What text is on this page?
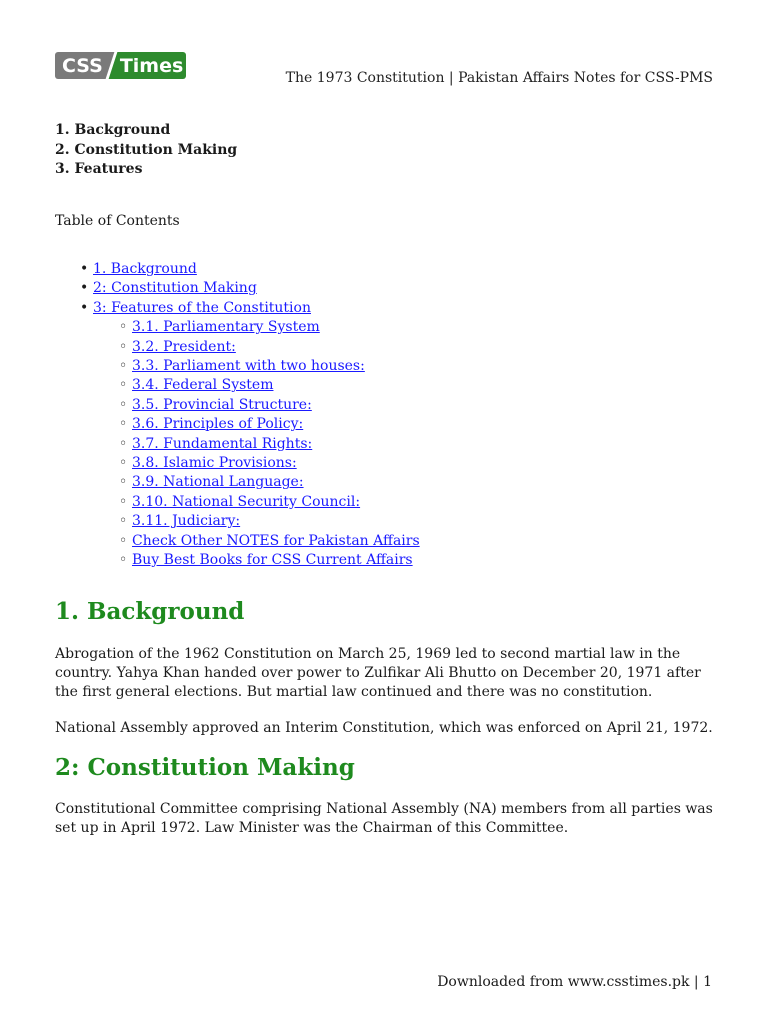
CSS Times
The 1973 Constitution | Pakistan Affairs Notes for CSS-PMS
1. Background
2. Constitution Making
3. Features
Table of Contents
• 1. Background
• 2: Constitution Making
• 3: Features of the Constitution
◦ 3.1. Parliamentary System
◦ 3.2. President:
◦ 3.3. Parliament with two houses:
◦ 3.4. Federal System
◦ 3.5. Provincial Structure:
◦ 3.6. Principles of Policy:
◦ 3.7. Fundamental Rights:
◦ 3.8. Islamic Provisions:
◦ 3.9. National Language:
◦ 3.10. National Security Council:
◦ 3.11. Judiciary:
◦ Check Other NOTES for Pakistan Affairs
◦ Buy Best Books for CSS Current Affairs
1. Background

Abrogation of the 1962 Constitution on March 25, 1969 led to second martial law in the country. Yahya Khan handed over power to Zulfikar Ali Bhutto on December 20, 1971 after the first general elections. But martial law continued and there was no constitution.

National Assembly approved an Interim Constitution, which was enforced on April 21, 1972.

2: Constitution Making

Constitutional Committee comprising National Assembly (NA) members from all parties was set up in April 1972. Law Minister was the Chairman of this Committee.

Downloaded from www.csstimes.pk | 1
